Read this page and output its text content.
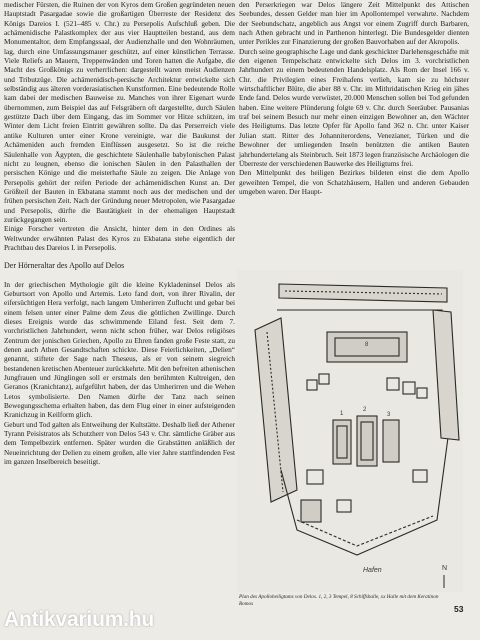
medischer Fürsten, die Ruinen der von Kyros dem Großen gegründeten neuen Hauptstadt Pasargadae sowie die großartigen Überreste der Residenz des Königs Dareios I. (521–485 v. Chr.) zu Persepolis Aufschluß geben. Die achämenidische Palastkomplex der aus vier Hauptteilen bestand, aus dem Monumentaltor, dem Empfangssaal, der Audienzhalle und den Wohnräumen, lag, durch eine Umfassungsmauer geschützt, auf einer künstlichen Terrasse. Viele Reliefs an Mauern, Treppenwänden und Toren hatten die Aufgabe, die Macht des Großkönigs zu verherrlichen: dargestellt waren meist Audienzen und Tributzüge. Die achämenidisch-persische Architektur entwickelte sich selbständig aus älteren vorderasiatischen Kunstformen. Eine bedeutende Rolle kam dabei der medischen Bauweise zu. Manches von ihrer Eigenart wurde übernommen, zum Beispiel das auf Felsgräbern oft dargestellte, durch Säulen gestützte Dach über dem Eingang, das im Sommer vor Hitze schützen, im Winter dem Licht freien Eintritt gewähren sollte. Da das Perserreich viele antike Kulturen unter einer Krone vereinigte, war die Baukunst der Achämeniden auch fremden Einflüssen ausgesetzt. So ist die reiche Säulenhalle von Ägypten, die geschichtete Säulenhalle babylonischen Palast nicht zu leugnen, ebenso die ionischen Säulen in den Palasthallen der persischen Könige und die meisterhafte Säule zu zeigen. Die Anlage von Persepolis gehört der reifen Periode der achämenidischen Kunst an. Der Größteil der Bauten in Ekbatana stammt noch aus der medischen und der frühen persischen Zeit. Nach der Gründung neuer Metropolen, wie Pasargadae und Persepolis, dürfte die Bautätigkeit in der ehemaligen Hauptstadt zurückgegangen sein.

Einige Forscher vertreten die Ansicht, hinter dem in den Ordines als Weltwunder erwähnten Palast des Kyros zu Ekbatana stehe eigentlich der Prachtbau des Dareios I. in Persepolis.

Der Hörneraltar des Apollo auf Delos

In der griechischen Mythologie gilt die kleine Kykladeninsel Delos als Geburtsort von Apollo und Artemis. Leto fand dort, von ihrer Rivalin, der eifersüchtigen Hera verfolgt, nach langem Umherirren Zuflucht und gebar bei einem felsen unter einer Palme dem Zeus die göttlichen Zwillinge. Durch dieses Ereignis wurde das schwimmende Eiland fest. Seit dem 7. vorchristlichen Jahrhundert, wenn nicht schon früher, war Delos religiöses Zentrum der jonischen Griechen, Apollo zu Ehren fanden große Feste statt, zu denen auch Athen Gesandtschaften schickte. Diese Feierlichkeiten, „Delien“ genannt, stiftete der Sage nach Theseus, als er von seinem siegreich bestandenen kretischen Abenteuer zurückkehrte. Mit den befreiten athenischen Jungfrauen und Jünglingen soll er erstmals den berühmten Kultreigen, den Geranos (Kranichtanz), aufgeführt haben, der das Umherirren und die Wehen Letos symbolisierte. Den Namen dürfte der Tanz nach seinen Bewegungsschema erhalten haben, das dem Flug einer in einer aufsteigenden Kranichzug in Keilform glich.

Geburt und Tod galten als Entweihung der Kultstätte. Deshalb ließ der Athener Tyrann Peisistratos als Schutzherr von Delos 543 v. Chr. sämtliche Gräber aus dem Tempelbezirk entfernen. Später wurden die Grabstätten anläßlich der Neueinrichtung der Delien zu einem großen, alle vier Jahre stattfindenden Fest im ganzen Inselbereich beseitigt.

den Perserkriegen war Delos längere Zeit Mittelpunkt des Attischen Seebundes, dessen Gelder man hier im Apollontempel verwahrte. Nachdem der Seebundschatz, angeblich aus Angst vor einem Zugriff durch Barbaren, nach Athen gebracht und in Parthenon hinterlegt. Die Bundesgelder dienten unter Perikles zur Finanzierung der großen Bauvorhaben auf der Akropolis.

Durch seine geographische Lage und dank geschickter Darlehensgeschäfte mit den eigenen Tempelschatz entwickelte sich Delos im 3. vorchristlichen Jahrhundert zu einem bedeutenden Handelsplatz. Als Rom der Insel 166 v. Chr. die Privilegien eines Freihafens verlieh, kam sie zu höchster wirtschaftlicher Blüte, die aber 88 v. Chr. im Mithridatischen Krieg ein jähes Ende fand. Delos wurde verwüstet, 20.000 Menschen sollen bei Tod gefunden haben. Eine weitere Plünderung folgte 69 v. Chr. durch Seeräuber. Pausanias traf bei seinem Besuch nur mehr einen einzigen Bewohner an, den Wächter des Heiligtums. Das letzte Opfer für Apollo fand 362 n. Chr. unter Kaiser Julian statt. Ritter des Johanniterordens, Venezianer, Türken und die Bewohner der umliegenden Inseln benützten die antiken Bauten jahrhundertelang als Steinbruch. Seit 1873 legen französische Archäologen die Überreste der verschiedenen Bauwerke des Heiligtums frei.

Den Mittelpunkt des heiligen Bezirkes bildeten einst die dem Apollo geweihten Tempel, die von Schatzhäusern, Hallen und anderen Gebauden umgeben waren. Der Haupt-

1
2
3
8
Hafen	N
Plan des Apolloheiligtums von Delos. 1, 2, 3 Tempel, 8 Schiffshalle, xx Halle mit dem Keratinon Bomos
53
Antikvarium.hu
